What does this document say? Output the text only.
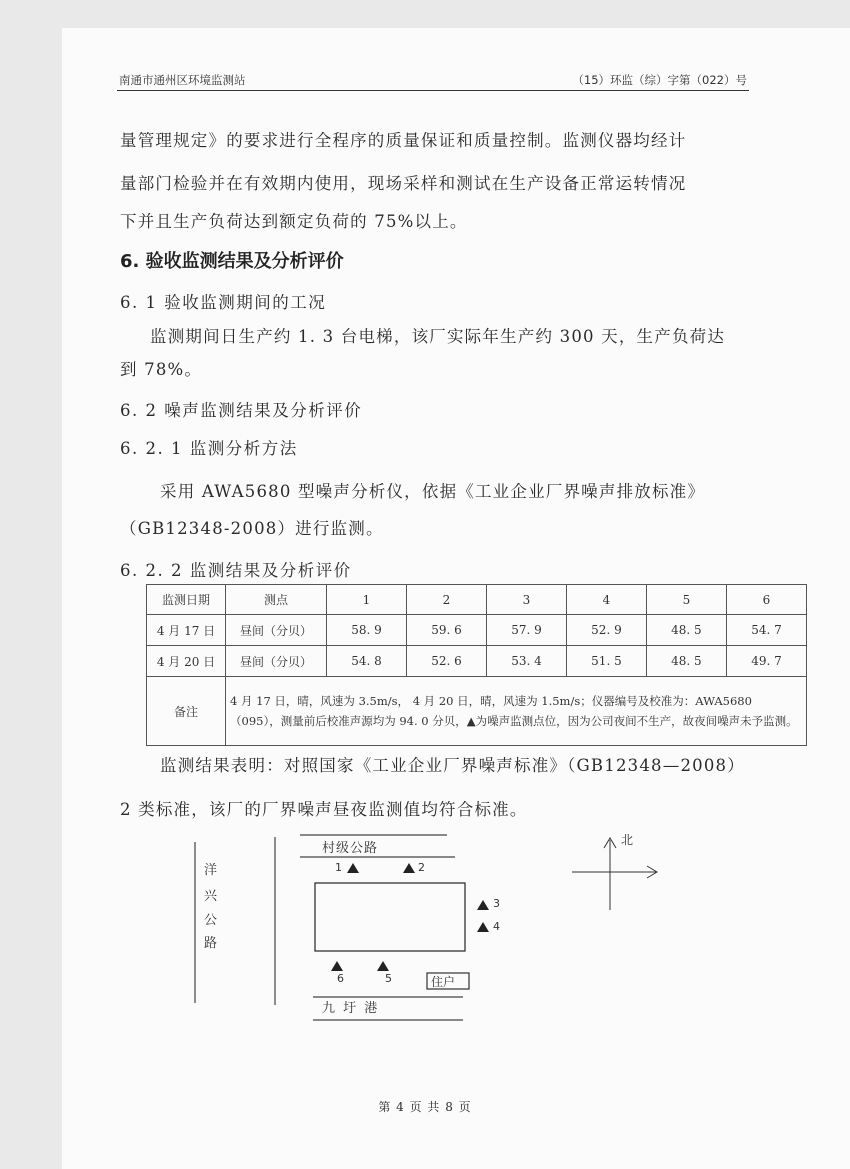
南通市通州区环境监测站	（15）环监（综）字第（022）号
量管理规定》的要求进行全程序的质量保证和质量控制。监测仪器均经计
量部门检验并在有效期内使用，现场采样和测试在生产设备正常运转情况
下并且生产负荷达到额定负荷的 75%以上。
6. 验收监测结果及分析评价
6. 1 验收监测期间的工况
监测期间日生产约 1. 3 台电梯，该厂实际年生产约 300 天，生产负荷达
到 78%。
6. 2 噪声监测结果及分析评价
6. 2. 1 监测分析方法
采用 AWA5680 型噪声分析仪，依据《工业企业厂界噪声排放标准》
（GB12348-2008）进行监测。
6. 2. 2 监测结果及分析评价
监测日期	测点	1	2	3	4	5	6
4 月 17 日	昼间（分贝）	58. 9	59. 6	57. 9	52. 9	48. 5	54. 7
4 月 20 日	昼间（分贝）	54. 8	52. 6	53. 4	51. 5	48. 5	49. 7
备注	4 月 17 日，晴，风速为 3.5m/s， 4 月 20 日，晴，风速为 1.5m/s；仪器编号及校准为：AWA5680（095），测量前后校准声源均为 94. 0 分贝，▲为噪声监测点位，因为公司夜间不生产，故夜间噪声未予监测。						
监测结果表明：对照国家《工业企业厂界噪声标准》（GB12348—2008）
2 类标准，该厂的厂界噪声昼夜监测值均符合标准。
村级公路
洋
兴
公
路
九 圩 港
住户
北
1	2
3
4
6	5
第 4 页 共 8 页
